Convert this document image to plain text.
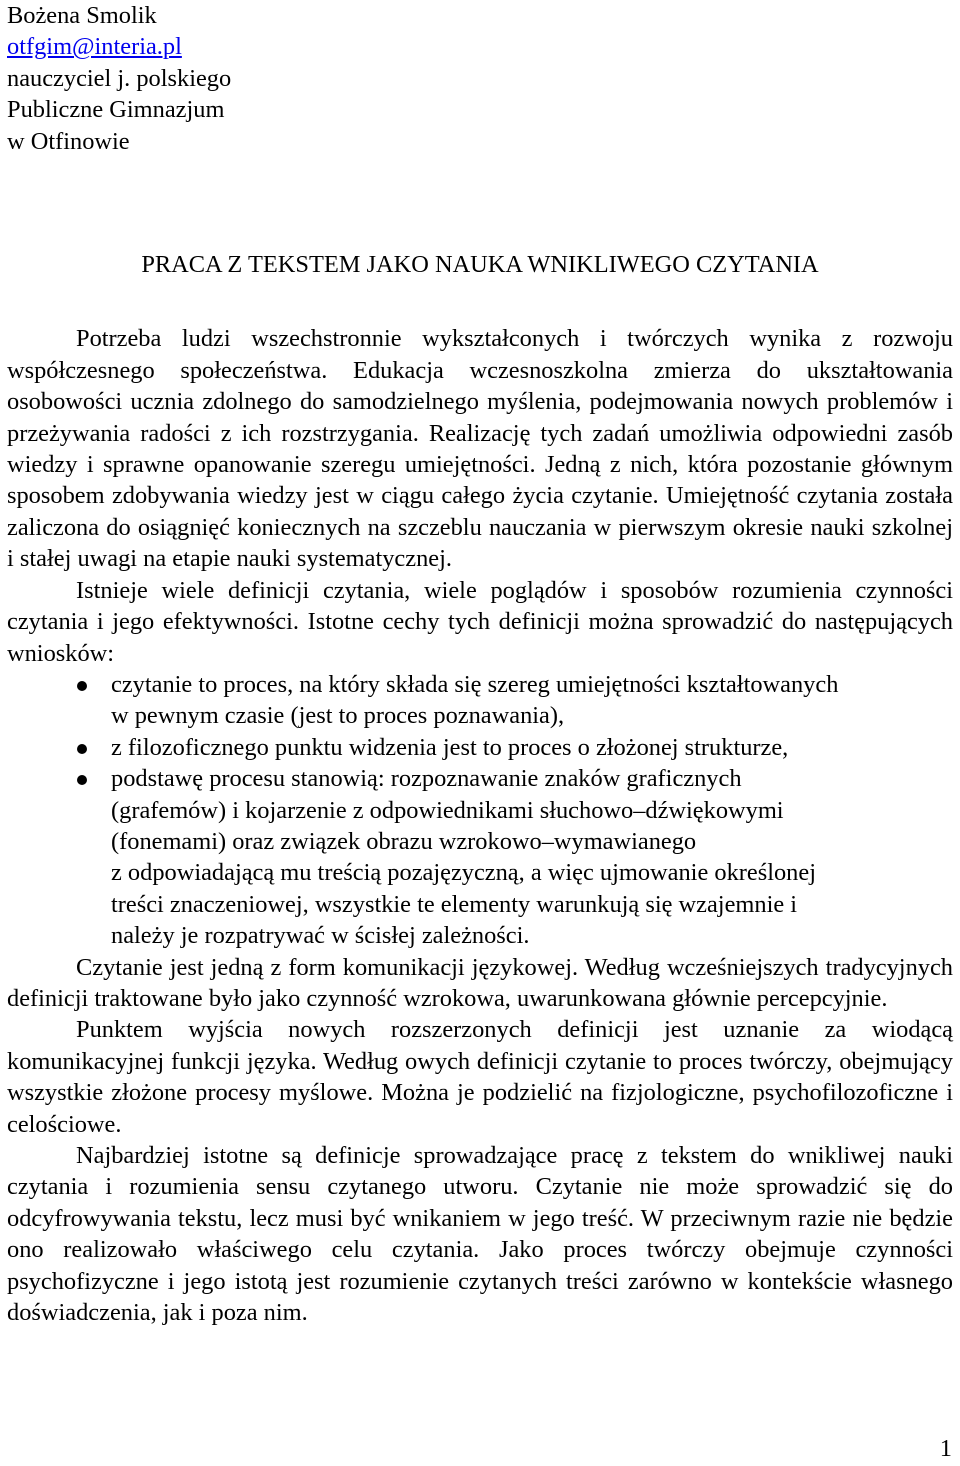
Bożena Smolik
otfgim@interia.pl
nauczyciel j. polskiego
Publiczne Gimnazjum
w Otfinowie
PRACA Z TEKSTEM JAKO NAUKA WNIKLIWEGO CZYTANIA

Potrzeba ludzi wszechstronnie wykształconych i twórczych wynika z rozwoju współczesnego społeczeństwa. Edukacja wczesnoszkolna zmierza do ukształtowania osobowości ucznia zdolnego do samodzielnego myślenia, podejmowania nowych problemów i przeżywania radości z ich rozstrzygania. Realizację tych zadań umożliwia odpowiedni zasób wiedzy i sprawne opanowanie szeregu umiejętności. Jedną z nich, która pozostanie głównym sposobem zdobywania wiedzy jest w ciągu całego życia czytanie. Umiejętność czytania została zaliczona do osiągnięć koniecznych na szczeblu nauczania w pierwszym okresie nauki szkolnej i stałej uwagi na etapie nauki systematycznej.

Istnieje wiele definicji czytania, wiele poglądów i sposobów rozumienia czynności czytania i jego efektywności. Istotne cechy tych definicji można sprowadzić do następujących wniosków:

czytanie to proces, na który składa się szereg umiejętności kształtowanych
w pewnym czasie (jest to proces poznawania),
z filozoficznego punktu widzenia jest to proces o złożonej strukturze,
podstawę procesu stanowią: rozpoznawanie znaków graficznych
(grafemów) i kojarzenie z odpowiednikami słuchowo–dźwiękowymi
(fonemami) oraz związek obrazu wzrokowo–wymawianego
z odpowiadającą mu treścią pozajęzyczną, a więc ujmowanie określonej
treści znaczeniowej, wszystkie te elementy warunkują się wzajemnie i
należy je rozpatrywać w ścisłej zależności.

Czytanie jest jedną z form komunikacji językowej. Według wcześniejszych tradycyjnych definicji traktowane było jako czynność wzrokowa, uwarunkowana głównie percepcyjnie.

Punktem wyjścia nowych rozszerzonych definicji jest uznanie za wiodącą komunikacyjnej funkcji języka. Według owych definicji czytanie to proces twórczy, obejmujący wszystkie złożone procesy myślowe. Można je podzielić na fizjologiczne, psychofilozoficzne i celościowe.

Najbardziej istotne są definicje sprowadzające pracę z tekstem do wnikliwej nauki czytania i rozumienia sensu czytanego utworu. Czytanie nie może sprowadzić się do odcyfrowywania tekstu, lecz musi być wnikaniem w jego treść. W przeciwnym razie nie będzie ono realizowało właściwego celu czytania. Jako proces twórczy obejmuje czynności psychofizyczne i jego istotą jest rozumienie czytanych treści zarówno w kontekście własnego doświadczenia, jak i poza nim.

1
